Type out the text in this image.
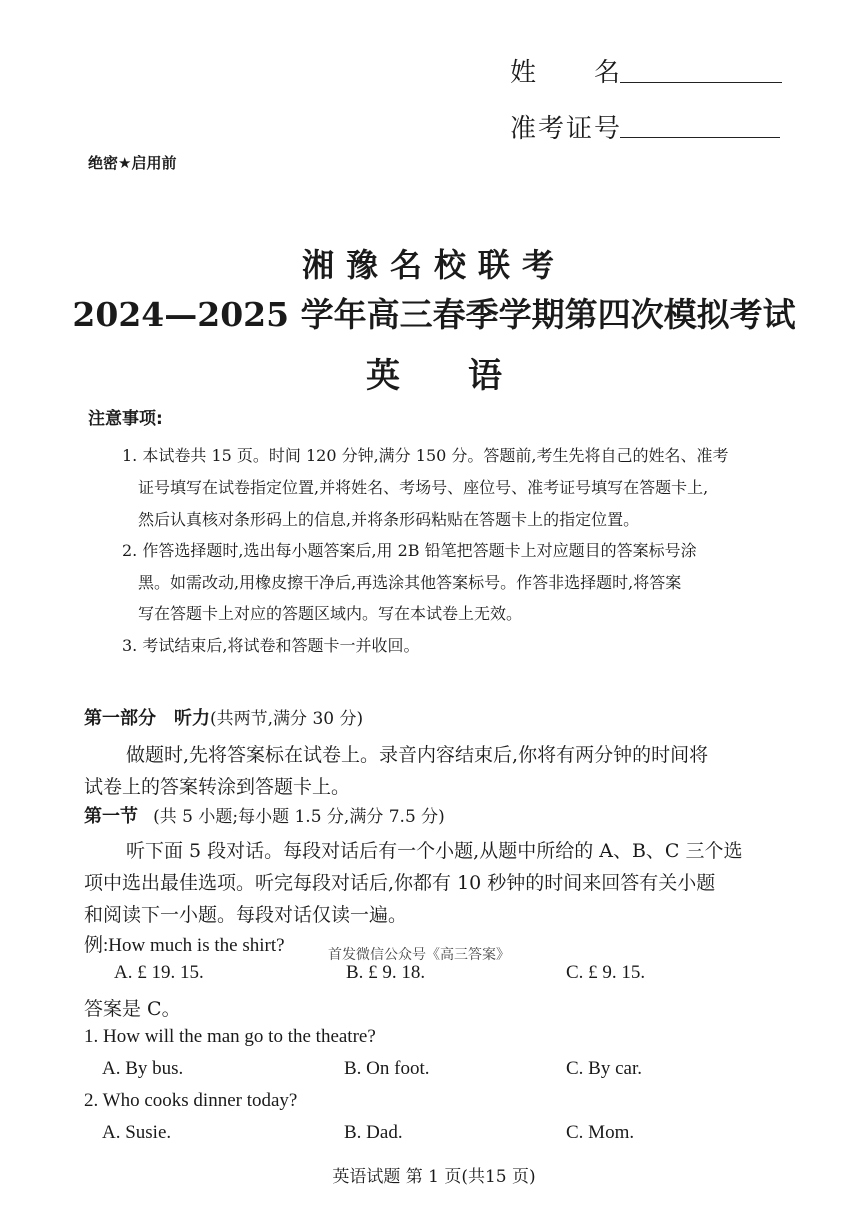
姓　　名
准考证号
绝密★启用前
湘豫名校联考
2024—2025 学年高三春季学期第四次模拟考试
英　　语
注意事项:
1. 本试卷共 15 页。时间 120 分钟,满分 150 分。答题前,考生先将自己的姓名、准考
证号填写在试卷指定位置,并将姓名、考场号、座位号、准考证号填写在答题卡上,
然后认真核对条形码上的信息,并将条形码粘贴在答题卡上的指定位置。
2. 作答选择题时,选出每小题答案后,用 2B 铅笔把答题卡上对应题目的答案标号涂
黑。如需改动,用橡皮擦干净后,再选涂其他答案标号。作答非选择题时,将答案
写在答题卡上对应的答题区域内。写在本试卷上无效。
3. 考试结束后,将试卷和答题卡一并收回。
第一部分　听力(共两节,满分 30 分)
做题时,先将答案标在试卷上。录音内容结束后,你将有两分钟的时间将
试卷上的答案转涂到答题卡上。
第一节 (共 5 小题;每小题 1.5 分,满分 7.5 分)
听下面 5 段对话。每段对话后有一个小题,从题中所给的 A、B、C 三个选
项中选出最佳选项。听完每段对话后,你都有 10 秒钟的时间来回答有关小题
和阅读下一小题。每段对话仅读一遍。
例:How much is the shirt?	首发微信公众号《高三答案》
A. £ 19. 15.	B. £ 9. 18.	C. £ 9. 15.
答案是 C。
1. How will the man go to the theatre?
A. By bus.	B. On foot.	C. By car.
2. Who cooks dinner today?
A. Susie.	B. Dad.	C. Mom.
英语试题 第 1 页(共15 页)
